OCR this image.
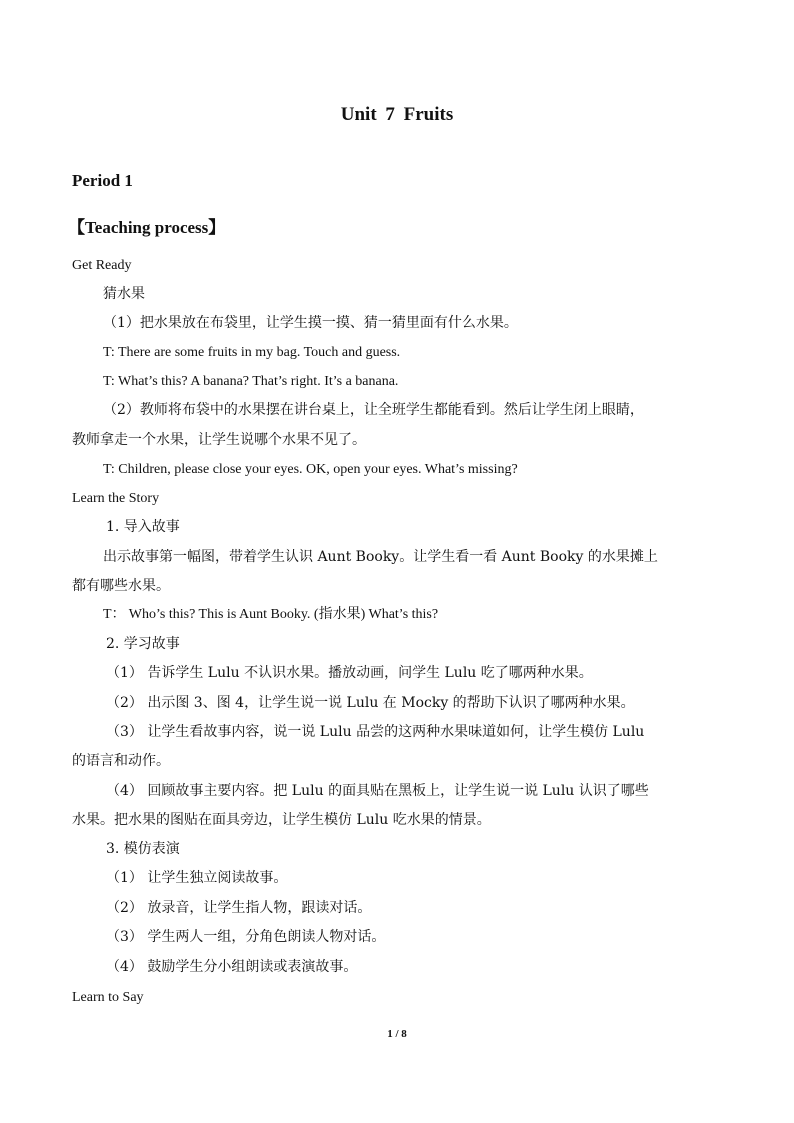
Unit 7 Fruits
Period 1
【Teaching process】
Get Ready
猜水果
（1）把水果放在布袋里，让学生摸一摸、猜一猜里面有什么水果。
T: There are some fruits in my bag. Touch and guess.
T: What’s this? A banana? That’s right. It’s a banana.
（2）教师将布袋中的水果摆在讲台桌上，让全班学生都能看到。然后让学生闭上眼睛，
教师拿走一个水果，让学生说哪个水果不见了。
T: Children, please close your eyes. OK, open your eyes. What’s missing?
Learn the Story
1. 导入故事
出示故事第一幅图，带着学生认识 Aunt Booky。让学生看一看 Aunt Booky 的水果摊上
都有哪些水果。
T： Who’s this? This is Aunt Booky. (指水果) What’s this?
2. 学习故事
（1） 告诉学生 Lulu 不认识水果。播放动画，问学生 Lulu 吃了哪两种水果。
（2） 出示图 3、图 4，让学生说一说 Lulu 在 Mocky 的帮助下认识了哪两种水果。
（3） 让学生看故事内容，说一说 Lulu 品尝的这两种水果味道如何，让学生模仿 Lulu
的语言和动作。
（4） 回顾故事主要内容。把 Lulu 的面具贴在黑板上，让学生说一说 Lulu 认识了哪些
水果。把水果的图贴在面具旁边，让学生模仿 Lulu 吃水果的情景。
3. 模仿表演
（1） 让学生独立阅读故事。
（2） 放录音，让学生指人物，跟读对话。
（3） 学生两人一组，分角色朗读人物对话。
（4） 鼓励学生分小组朗读或表演故事。
Learn to Say
1 / 8
